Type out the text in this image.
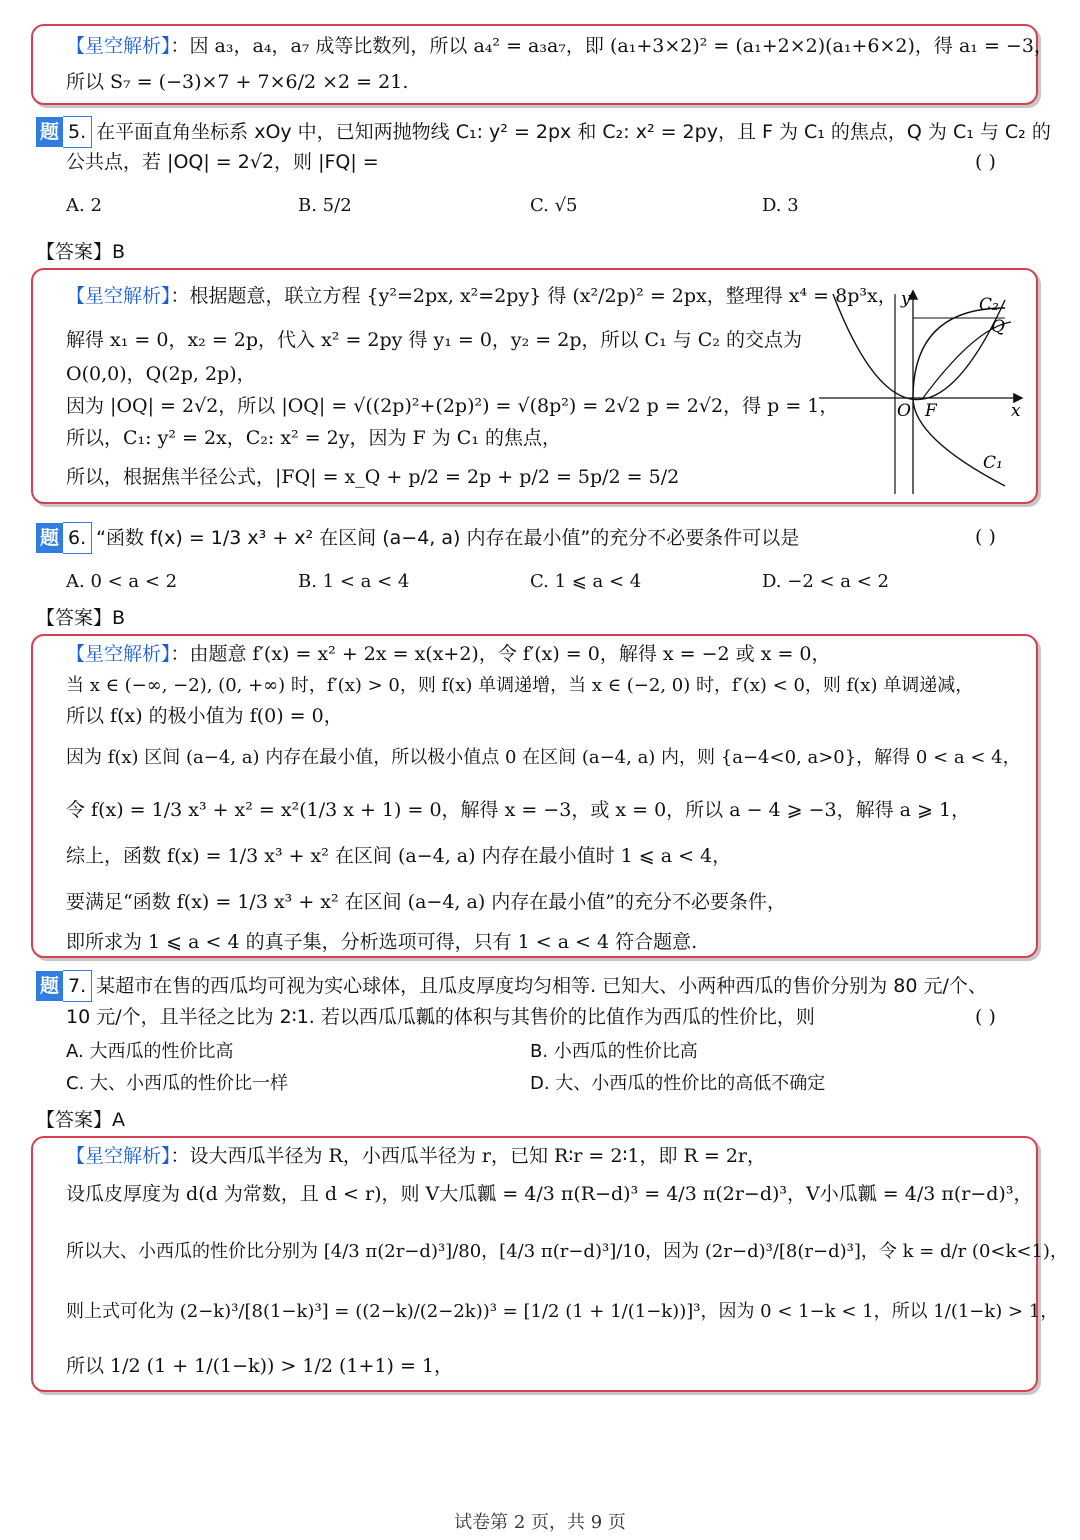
【星空解析】：因 a₃，a₄，a₇ 成等比数列，所以 a₄² = a₃a₇，即 (a₁+3×2)² = (a₁+2×2)(a₁+6×2)，得 a₁ = −3，
所以 S₇ = (−3)×7 + 7×6/2 ×2 = 21.
题 5. 在平面直角坐标系 xOy 中，已知两抛物线 C₁: y² = 2px 和 C₂: x² = 2py，且 F 为 C₁ 的焦点，Q 为 C₁ 与 C₂ 的
公共点，若 |OQ| = 2√2，则 |FQ| =	( )
A. 2	B. 5/2	C. √5	D. 3
【答案】B
【星空解析】：根据题意，联立方程 {y²=2px, x²=2py} 得 (x²/2p)² = 2px，整理得 x⁴ = 8p³x，
解得 x₁ = 0，x₂ = 2p，代入 x² = 2py 得 y₁ = 0，y₂ = 2p，所以 C₁ 与 C₂ 的交点为
O(0,0)，Q(2p, 2p)，
因为 |OQ| = 2√2，所以 |OQ| = √((2p)²+(2p)²) = √(8p²) = 2√2 p = 2√2，得 p = 1，
所以，C₁: y² = 2x，C₂: x² = 2y，因为 F 为 C₁ 的焦点，
所以，根据焦半径公式，|FQ| = x_Q + p/2 = 2p + p/2 = 5p/2 = 5/2
y
x
O F
Q
C₂
C₁
题 6. “函数 f(x) = 1/3 x³ + x² 在区间 (a−4, a) 内存在最小值”的充分不必要条件可以是	( )
A. 0 < a < 2	B. 1 < a < 4	C. 1 ⩽ a < 4	D. −2 < a < 2
【答案】B
【星空解析】：由题意 f′(x) = x² + 2x = x(x+2)，令 f′(x) = 0，解得 x = −2 或 x = 0，
当 x ∈ (−∞, −2), (0, +∞) 时，f′(x) > 0，则 f(x) 单调递增，当 x ∈ (−2, 0) 时，f′(x) < 0，则 f(x) 单调递减，
所以 f(x) 的极小值为 f(0) = 0，
因为 f(x) 区间 (a−4, a) 内存在最小值，所以极小值点 0 在区间 (a−4, a) 内，则 {a−4<0, a>0}，解得 0 < a < 4，
令 f(x) = 1/3 x³ + x² = x²(1/3 x + 1) = 0，解得 x = −3，或 x = 0，所以 a − 4 ⩾ −3，解得 a ⩾ 1，
综上，函数 f(x) = 1/3 x³ + x² 在区间 (a−4, a) 内存在最小值时 1 ⩽ a < 4，
要满足“函数 f(x) = 1/3 x³ + x² 在区间 (a−4, a) 内存在最小值”的充分不必要条件，
即所求为 1 ⩽ a < 4 的真子集，分析选项可得，只有 1 < a < 4 符合题意.
题 7. 某超市在售的西瓜均可视为实心球体，且瓜皮厚度均匀相等. 已知大、小两种西瓜的售价分别为 80 元/个、
10 元/个，且半径之比为 2∶1. 若以西瓜瓜瓤的体积与其售价的比值作为西瓜的性价比，则	( )
A. 大西瓜的性价比高	B. 小西瓜的性价比高
C. 大、小西瓜的性价比一样	D. 大、小西瓜的性价比的高低不确定
【答案】A
【星空解析】：设大西瓜半径为 R，小西瓜半径为 r，已知 R∶r = 2∶1，即 R = 2r，
设瓜皮厚度为 d(d 为常数，且 d < r)，则 V大瓜瓤 = 4/3 π(R−d)³ = 4/3 π(2r−d)³，V小瓜瓤 = 4/3 π(r−d)³，
所以大、小西瓜的性价比分别为 [4/3 π(2r−d)³]/80，[4/3 π(r−d)³]/10，因为 (2r−d)³/[8(r−d)³]，令 k = d/r (0<k<1)，
则上式可化为 (2−k)³/[8(1−k)³] = ((2−k)/(2−2k))³ = [1/2 (1 + 1/(1−k))]³，因为 0 < 1−k < 1，所以 1/(1−k) > 1，
所以 1/2 (1 + 1/(1−k)) > 1/2 (1+1) = 1，
试卷第 2 页，共 9 页
